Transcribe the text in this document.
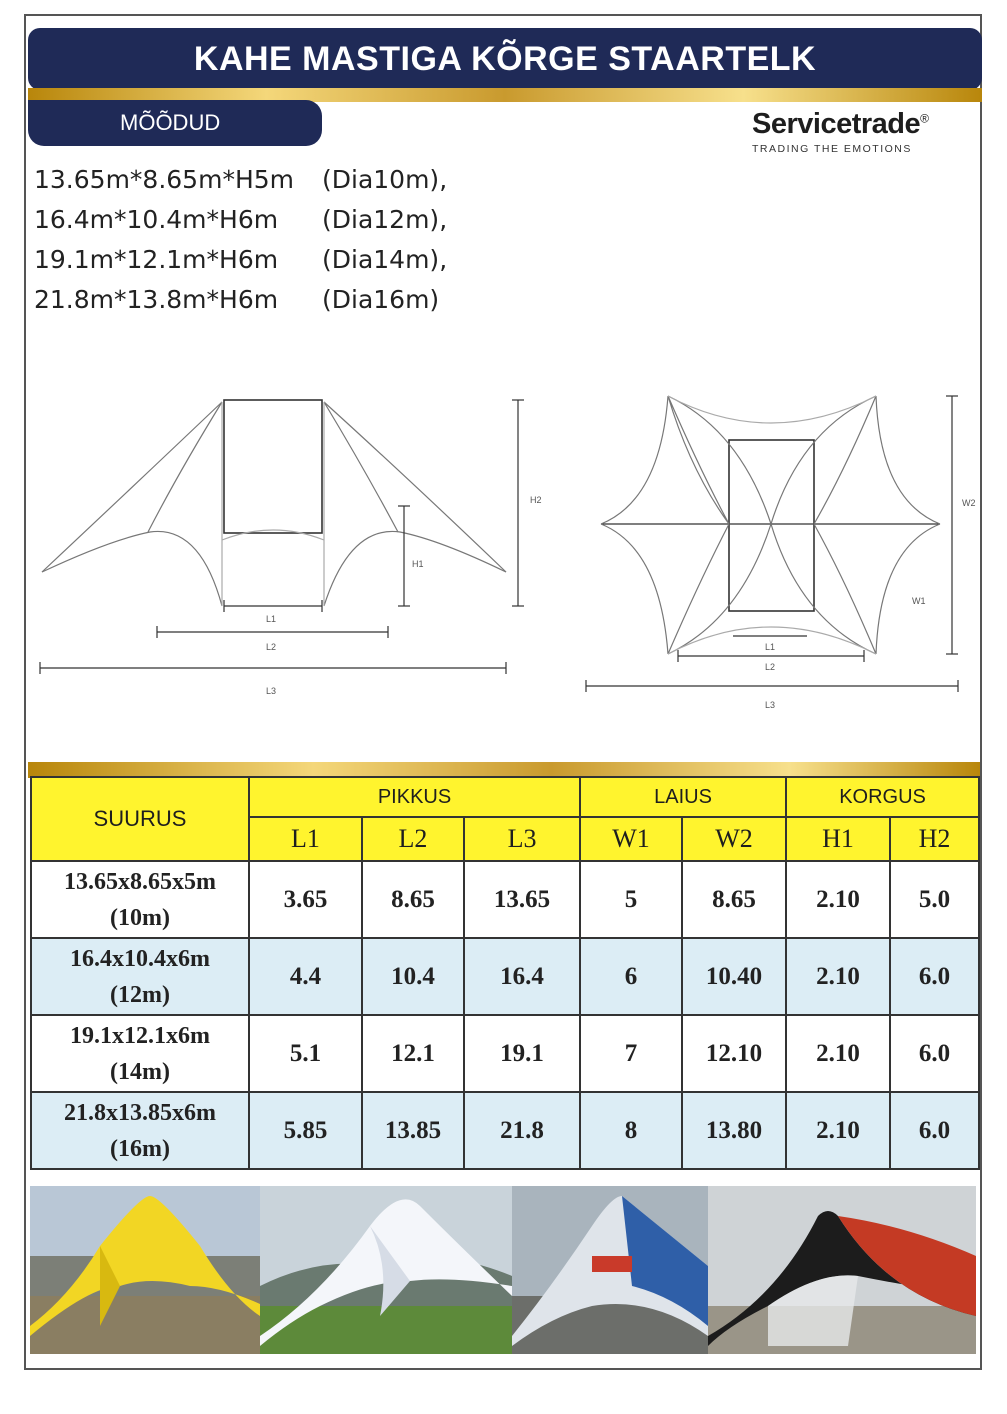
KAHE MASTIGA KÕRGE STAARTELK
MÕÕDUD	Servicetrade®
TRADING THE EMOTIONS
13.65m*8.65m*H5m	(Dia10m),
16.4m*10.4m*H6m	(Dia12m),
19.1m*12.1m*H6m	(Dia14m),
21.8m*13.8m*H6m	(Dia16m)
L1
L2
L3
H1
H2
L1
L2
L3
W1
W2
SUURUS	PIKKUS			LAIUS		KORGUS	
	L1	L2	L3	W1	W2	H1	H2

13.65x8.65x5m
(10m)	3.65	8.65	13.65	5	8.65	2.10	5.0

16.4x10.4x6m
(12m)	4.4	10.4	16.4	6	10.40	2.10	6.0

19.1x12.1x6m
(14m)	5.1	12.1	19.1	7	12.10	2.10	6.0

21.8x13.85x6m
(16m)	5.85	13.85	21.8	8	13.80	2.10	6.0
